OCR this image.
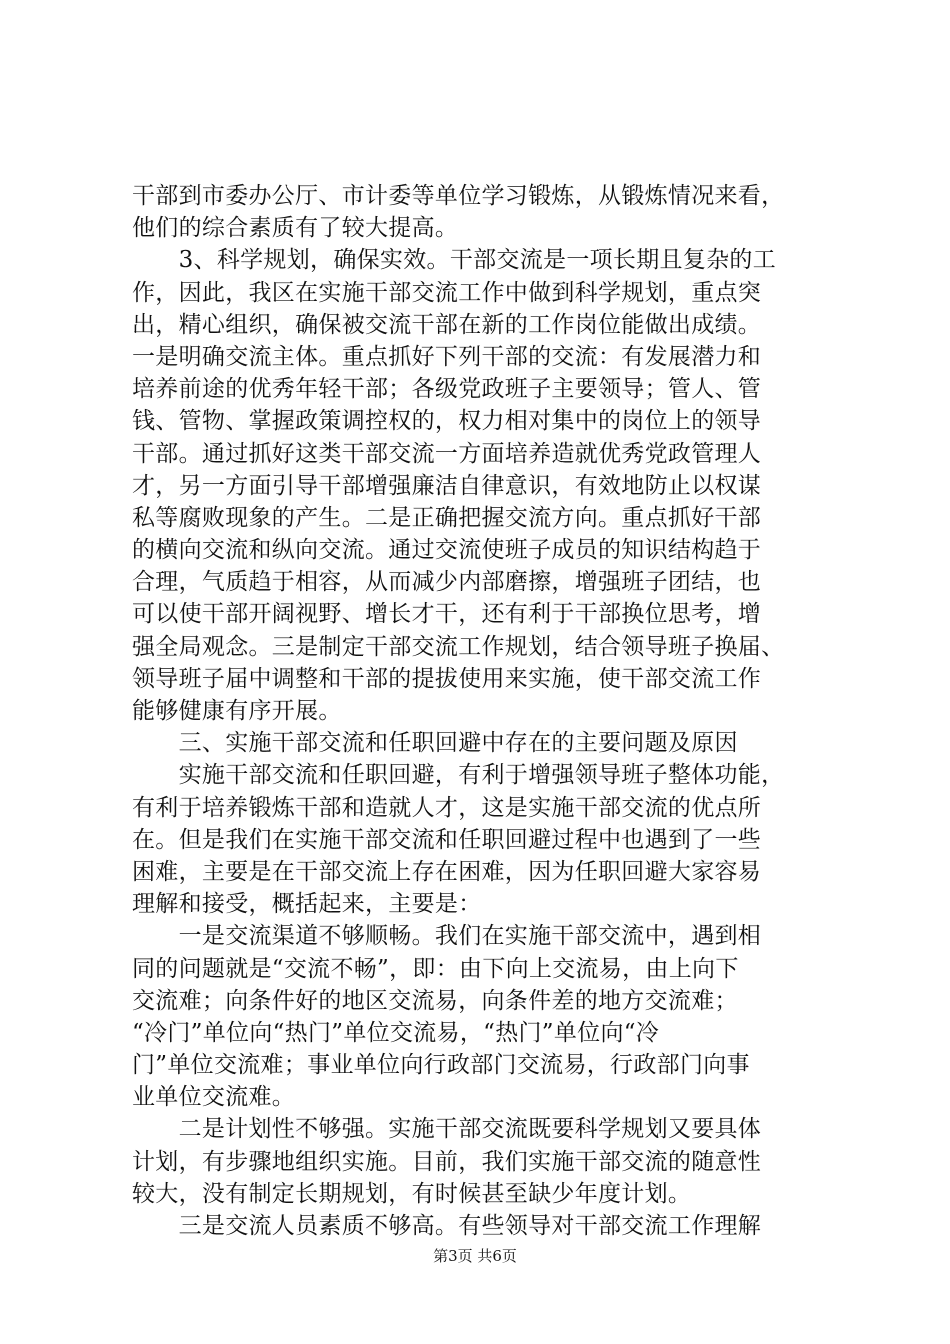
干部到市委办公厅、市计委等单位学习锻炼，从锻炼情况来看，
他们的综合素质有了较大提高。
　　3、科学规划，确保实效。干部交流是一项长期且复杂的工
作，因此，我区在实施干部交流工作中做到科学规划，重点突
出，精心组织，确保被交流干部在新的工作岗位能做出成绩。
一是明确交流主体。重点抓好下列干部的交流：有发展潜力和
培养前途的优秀年轻干部；各级党政班子主要领导；管人、管
钱、管物、掌握政策调控权的，权力相对集中的岗位上的领导
干部。通过抓好这类干部交流一方面培养造就优秀党政管理人
才，另一方面引导干部增强廉洁自律意识，有效地防止以权谋
私等腐败现象的产生。二是正确把握交流方向。重点抓好干部
的横向交流和纵向交流。通过交流使班子成员的知识结构趋于
合理，气质趋于相容，从而减少内部磨擦，增强班子团结，也
可以使干部开阔视野、增长才干，还有利于干部换位思考，增
强全局观念。三是制定干部交流工作规划，结合领导班子换届、
领导班子届中调整和干部的提拔使用来实施，使干部交流工作
能够健康有序开展。
　　三、实施干部交流和任职回避中存在的主要问题及原因
　　实施干部交流和任职回避，有利于增强领导班子整体功能，
有利于培养锻炼干部和造就人才，这是实施干部交流的优点所
在。但是我们在实施干部交流和任职回避过程中也遇到了一些
困难，主要是在干部交流上存在困难，因为任职回避大家容易
理解和接受，概括起来，主要是：
　　一是交流渠道不够顺畅。我们在实施干部交流中，遇到相
同的问题就是“交流不畅”，即：由下向上交流易，由上向下
交流难；向条件好的地区交流易，向条件差的地方交流难；
“冷门”单位向“热门”单位交流易，“热门”单位向“冷
门”单位交流难；事业单位向行政部门交流易，行政部门向事
业单位交流难。
　　二是计划性不够强。实施干部交流既要科学规划又要具体
计划，有步骤地组织实施。目前，我们实施干部交流的随意性
较大，没有制定长期规划，有时候甚至缺少年度计划。
　　三是交流人员素质不够高。有些领导对干部交流工作理解
第3页 共6页
